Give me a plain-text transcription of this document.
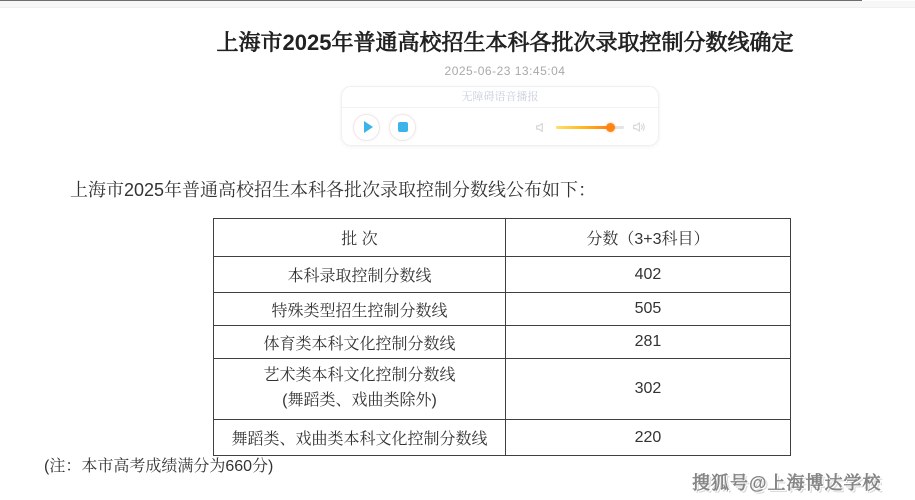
上海市2025年普通高校招生本科各批次录取控制分数线确定
2025-06-23 13:45:04
无障碍语音播报
上海市2025年普通高校招生本科各批次录取控制分数线公布如下：
批 次	分数（3+3科目）
本科录取控制分数线	402
特殊类型招生控制分数线	505
体育类本科文化控制分数线	281

艺术类本科文化控制分数线
(舞蹈类、戏曲类除外)	302
舞蹈类、戏曲类本科文化控制分数线	220
(注：本市高考成绩满分为660分)
搜狐号@上海博达学校
